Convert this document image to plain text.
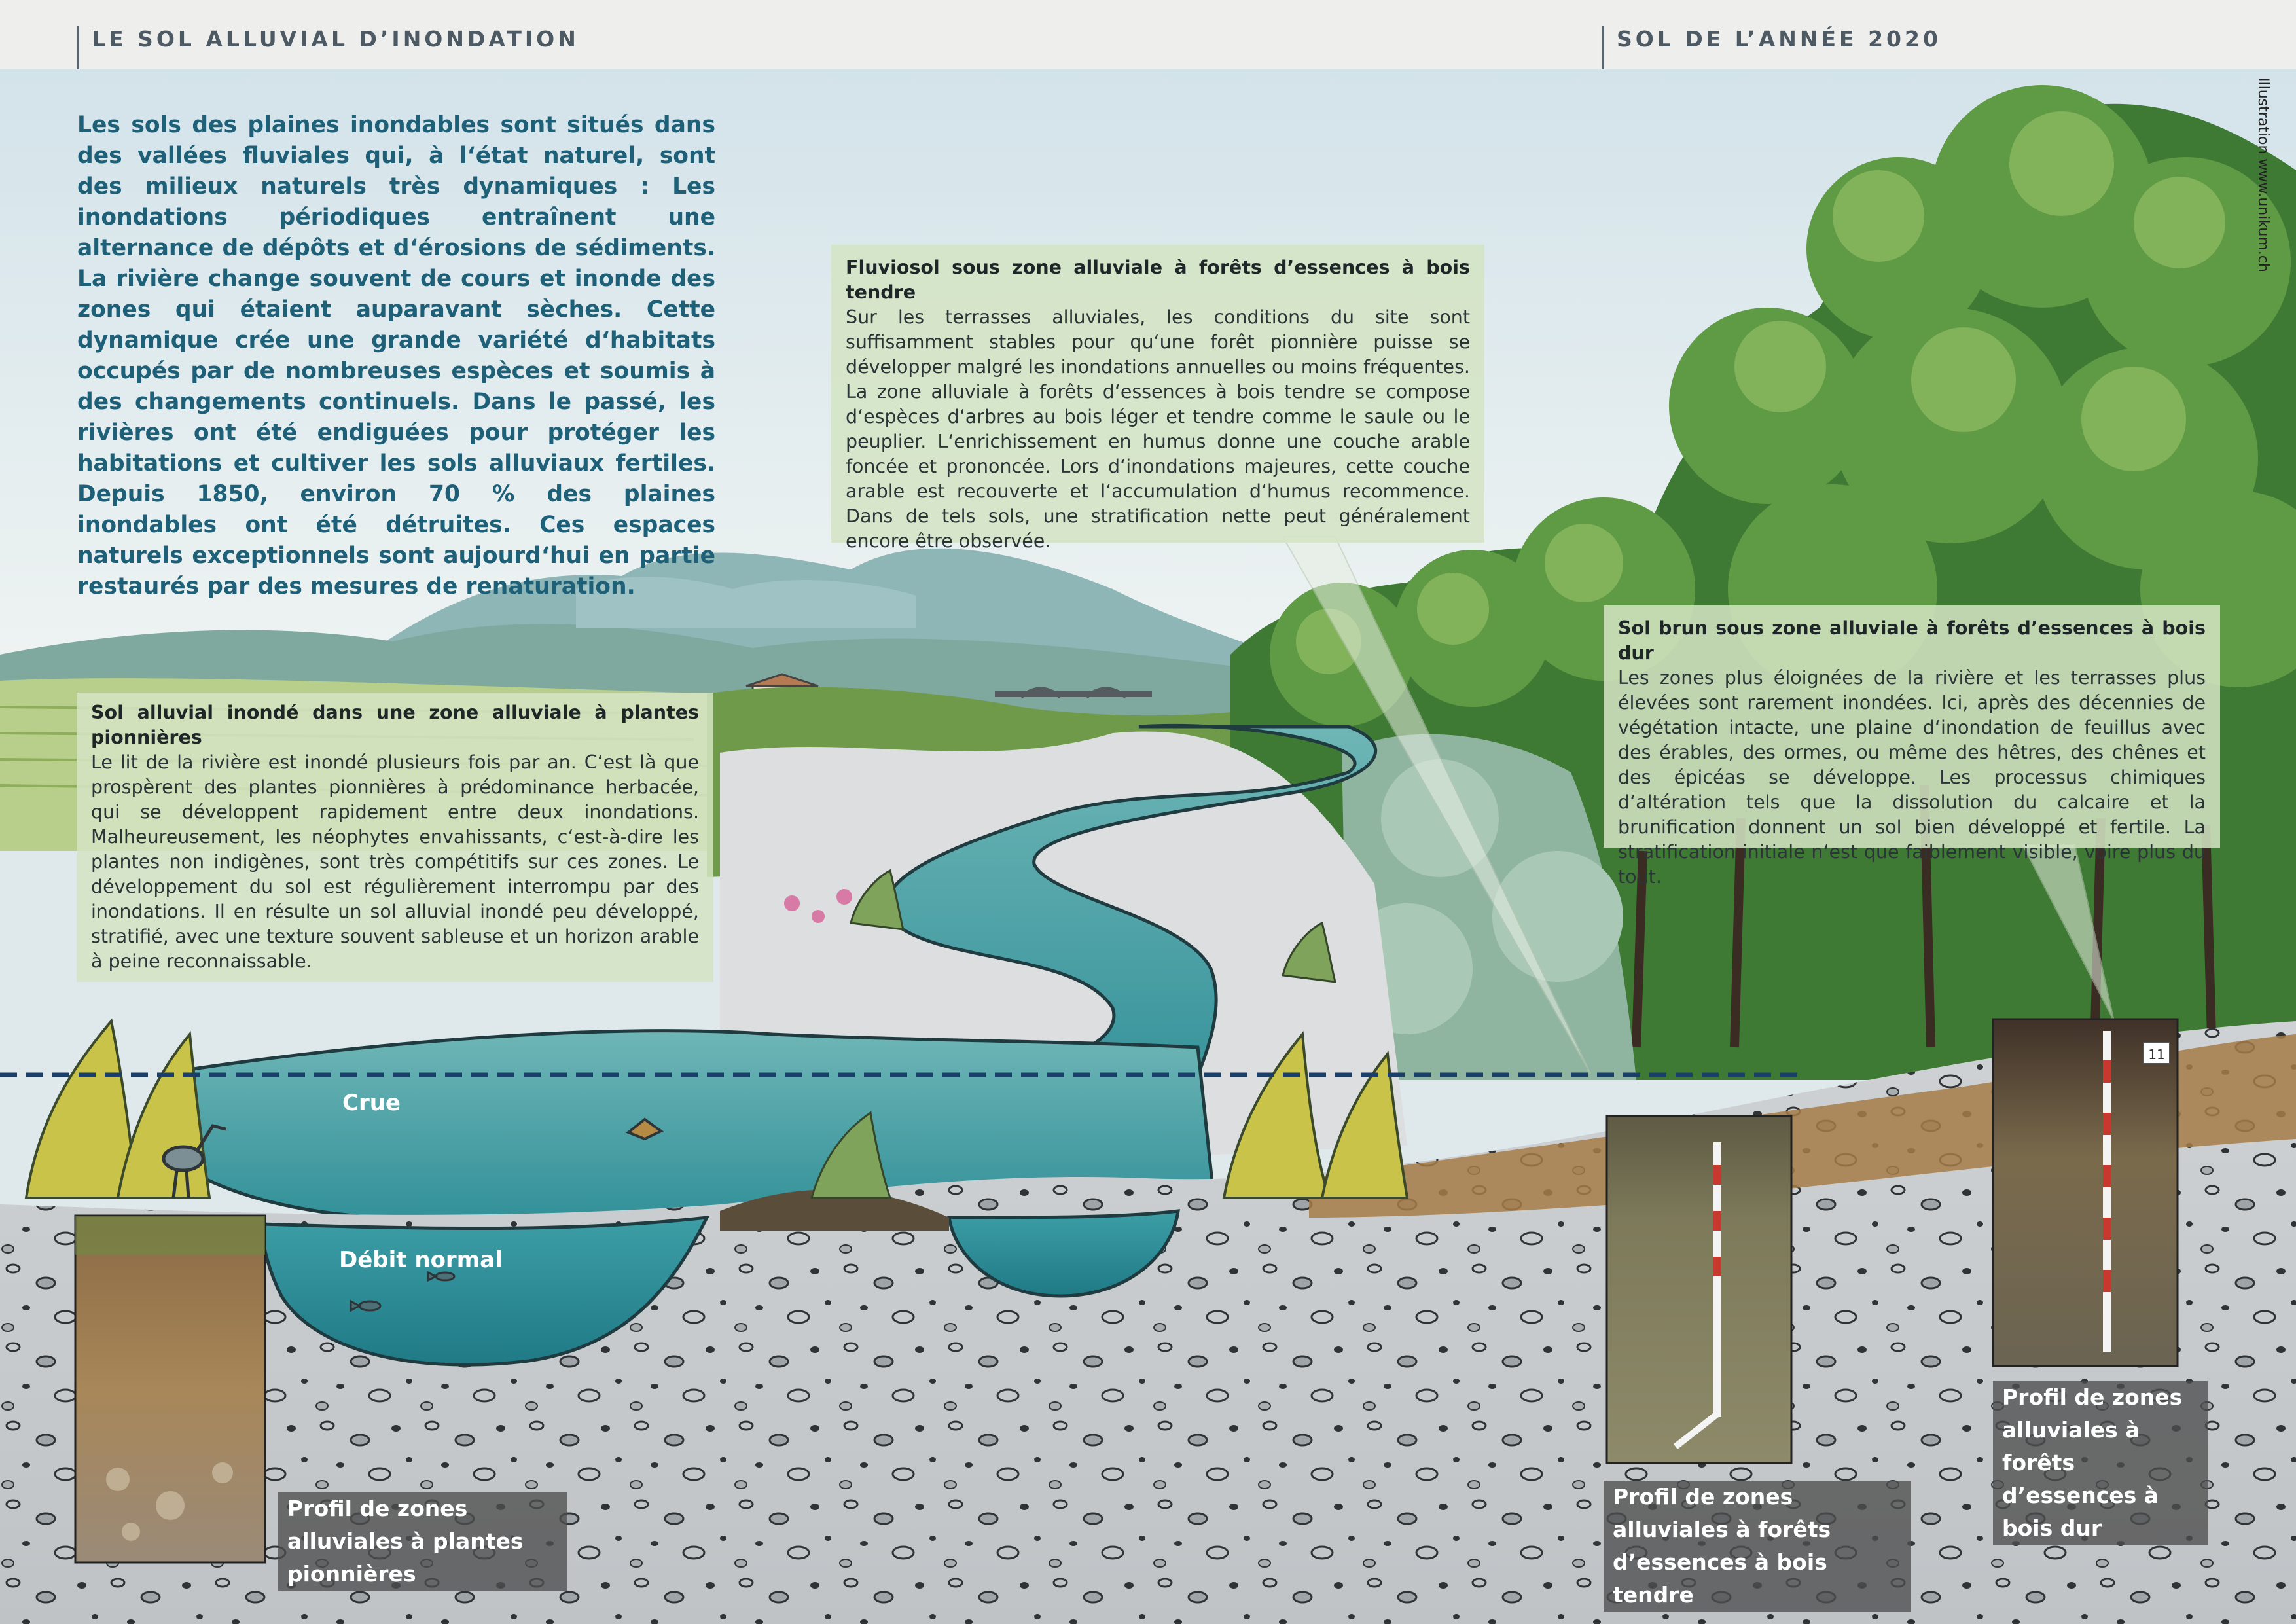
11
LE SOL ALLUVIAL D’INONDATION	SOL DE L’ANNÉE 2020
Les sols des plaines inondables sont situés dans des vallées fluviales qui, à l‘état naturel, sont des milieux naturels très dynamiques : Les inondations périodiques entraînent une alternance de dépôts et d‘érosions de sédiments. La rivière change souvent de cours et inonde des zones qui étaient auparavant sèches. Cette dynamique crée une grande variété d‘habitats occupés par de nombreuses espèces et soumis à des changements continuels. Dans le passé, les rivières ont été endiguées pour protéger les habitations et cultiver les sols alluviaux fertiles. Depuis 1850, environ 70 % des plaines inondables ont été détruites. Ces espaces naturels exceptionnels sont aujourd‘hui en partie restaurés par des mesures de renaturation.
Sol alluvial inondé dans une zone alluviale à plantes pionnières
Le lit de la rivière est inondé plusieurs fois par an. C‘est là que prospèrent des plantes pionnières à prédominance herbacée, qui se développent rapidement entre deux inondations. Malheureusement, les néophytes envahissants, c‘est-à-dire les plantes non indigènes, sont très compétitifs sur ces zones. Le développement du sol est régulièrement interrompu par des inondations. Il en résulte un sol alluvial inondé peu développé, stratifié, avec une texture souvent sableuse et un horizon arable à peine reconnaissable.
Fluviosol sous zone alluviale à forêts d’essences à bois tendre
Sur les terrasses alluviales, les conditions du site sont suffisamment stables pour qu‘une forêt pionnière puisse se développer malgré les inondations annuelles ou moins fréquentes. La zone alluviale à forêts d‘essences à bois tendre se compose d‘espèces d‘arbres au bois léger et tendre comme le saule ou le peuplier. L‘enrichissement en humus donne une couche arable foncée et prononcée. Lors d‘inondations majeures, cette couche arable est recouverte et l‘accumulation d‘humus recommence. Dans de tels sols, une stratification nette peut généralement encore être observée.
Sol brun sous zone alluviale à forêts d’essences à bois dur
Les zones plus éloignées de la rivière et les terrasses plus élevées sont rarement inondées. Ici, après des décennies de végétation intacte, une plaine d‘inondation de feuillus avec des érables, des ormes, ou même des hêtres, des chênes et des épicéas se développe. Les processus chimiques d‘altération tels que la dissolution du calcaire et la brunification donnent un sol bien développé et fertile. La stratification initiale n‘est que faiblement visible, voire plus du tout.
Crue
Débit normal
Profil de zones alluviales à plantes pionnières
Profil de zones alluviales à forêts d’essences à bois tendre
Profil de zones alluviales à forêts d’essences à bois dur
Illustration www.unikum.ch
